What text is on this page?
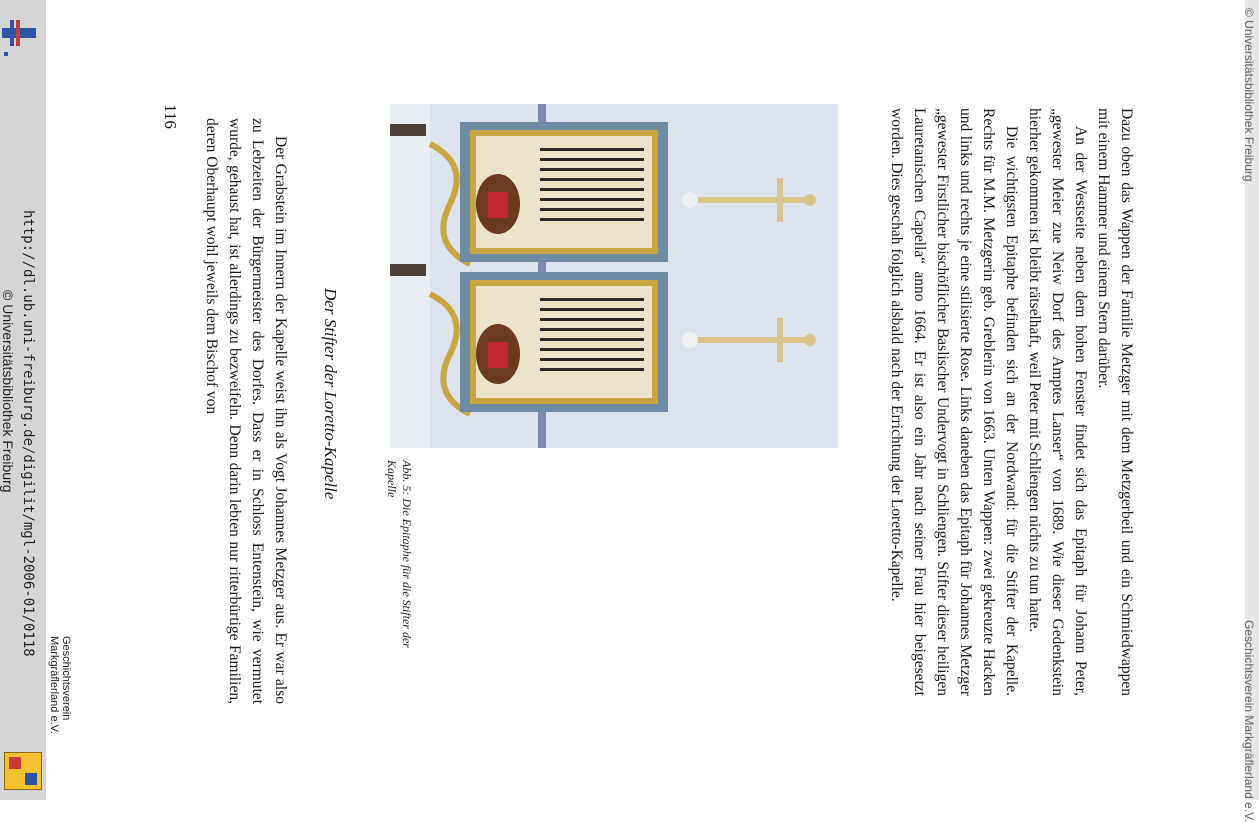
© Universitätsbibliothek Freiburg
Geschichtsverein Markgräflerland e.V.

Dazu oben das Wappen der Familie Metzger mit dem Metzgerbeil und ein Schmiedwappen mit einem Hammer und einem Stern darüber.

An der Westseite neben dem hohen Fenster findet sich das Epitaph für Johann Peter, „gewester Meier zue Neiw Dorf des Amptes Lanser“ von 1689. Wie dieser Gedenkstein hierher gekommen ist bleibt rätselhaft, weil Peter mit Schliengen nichts zu tun hatte.

Die wichtigsten Epitaphe befinden sich an der Nordwand: für die Stifter der Kapelle. Rechts für M.M. Metzgerin geb. Greblerin von 1663. Unten Wappen: zwei gekreuzte Hacken und links und rechts je eine stilisierte Rose. Links daneben das Epitaph für Johannes Metzger „gewester Firstlicher bischöflicher Baslischer Undervogt in Schliengen. Stifter dieser heiligen Lauretanischen Capella“ anno 1664. Er ist also ein Jahr nach seiner Frau hier beigesetzt worden. Dies geschah folglich alsbald nach der Errichtung der Loretto-Kapelle.

Abb. 5: Die Epitaphe für die Stifter der Kapelle
Der Stifter der Loretto-Kapelle

Der Grabstein im Innern der Kapelle weist ihn als Vogt Johannes Metzger aus. Er war also zu Lebzeiten der Bürgermeister des Dorfes. Dass er in Schloss Entenstein, wie vermutet wurde, gehaust hat, ist allerdings zu bezweifeln. Denn darin lebten nur ritterbürtige Familien, deren Oberhaupt wohl jeweils dem Bischof von

116
http://dl.ub.uni-freiburg.de/digilit/mgl-2006-01/0118
© Universitätsbibliothek Freiburg
Geschichtsverein
Markgräflerland e.V.
